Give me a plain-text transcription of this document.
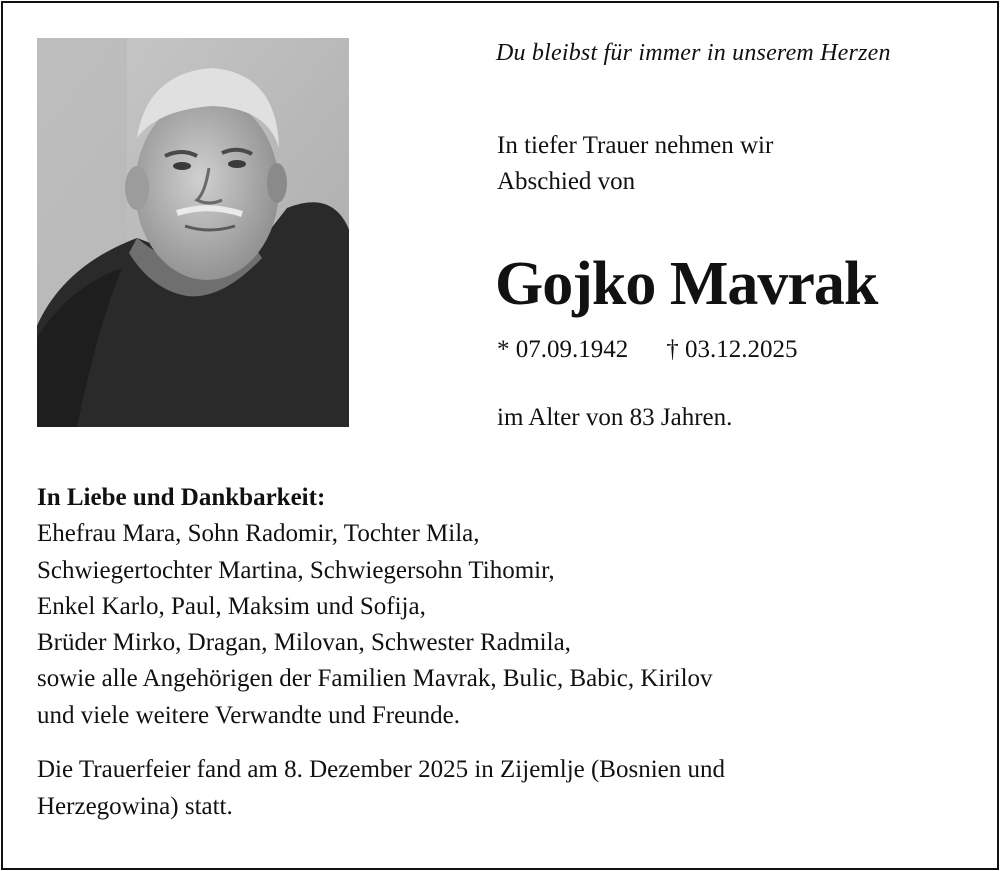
Du bleibst für immer in unserem Herzen
In tiefer Trauer nehmen wir
Abschied von
Gojko Mavrak
* 07.09.1942 † 03.12.2025
im Alter von 83 Jahren.
In Liebe und Dankbarkeit:
Ehefrau Mara, Sohn Radomir, Tochter Mila,
Schwiegertochter Martina, Schwiegersohn Tihomir,
Enkel Karlo, Paul, Maksim und Sofija,
Brüder Mirko, Dragan, Milovan, Schwester Radmila,
sowie alle Angehörigen der Familien Mavrak, Bulic, Babic, Kirilov
und viele weitere Verwandte und Freunde.
Die Trauerfeier fand am 8. Dezember 2025 in Zijemlje (Bosnien und
Herzegowina) statt.
